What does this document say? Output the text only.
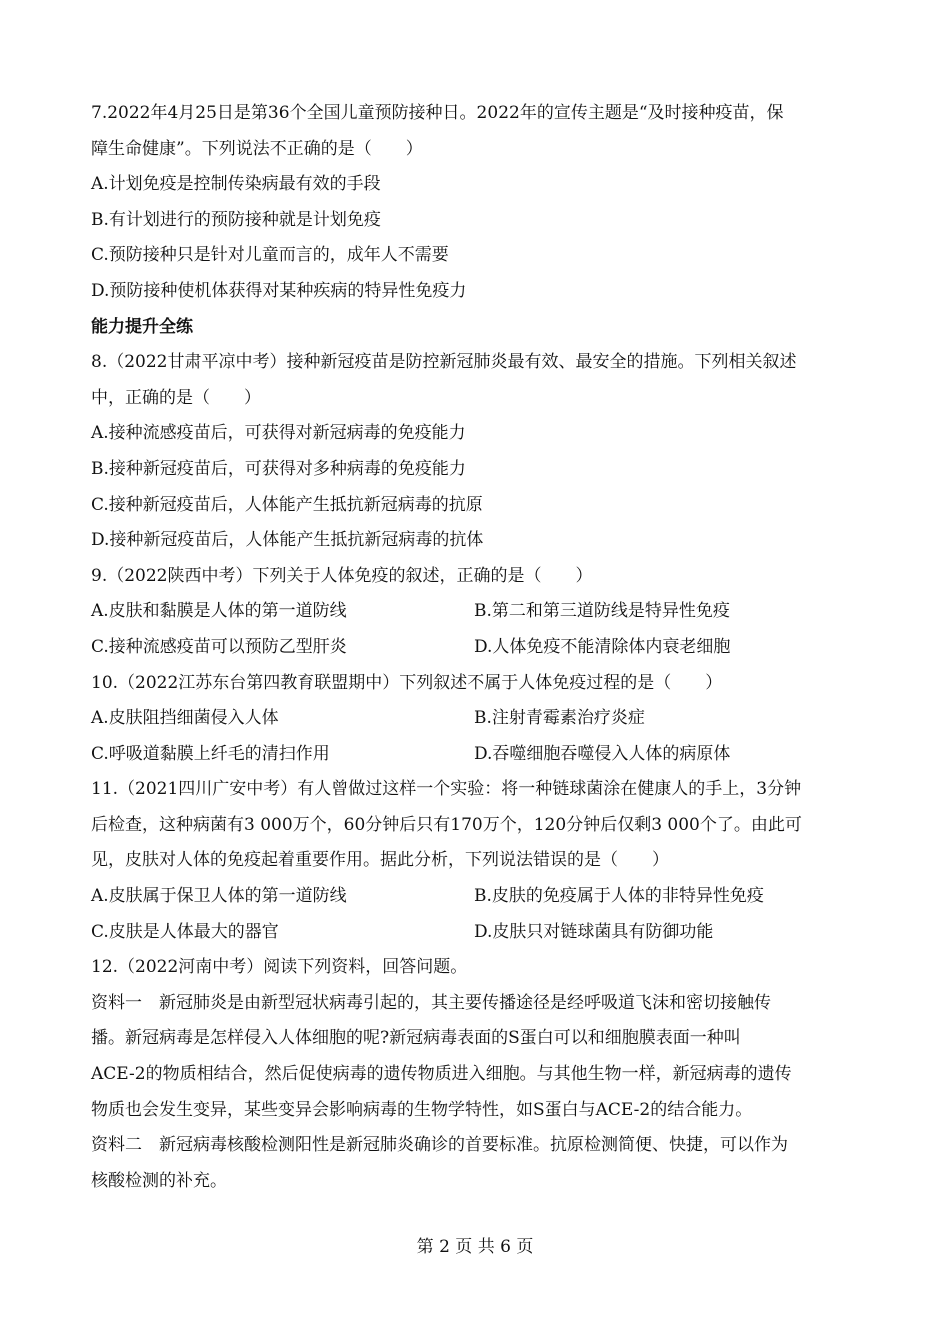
7.2022年4月25日是第36个全国儿童预防接种日。2022年的宣传主题是“及时接种疫苗，保
障生命健康”。下列说法不正确的是（　　）
A.计划免疫是控制传染病最有效的手段
B.有计划进行的预防接种就是计划免疫
C.预防接种只是针对儿童而言的，成年人不需要
D.预防接种使机体获得对某种疾病的特异性免疫力
能力提升全练
8.（2022甘肃平凉中考）接种新冠疫苗是防控新冠肺炎最有效、最安全的措施。下列相关叙述
中，正确的是（　　）
A.接种流感疫苗后，可获得对新冠病毒的免疫能力
B.接种新冠疫苗后，可获得对多种病毒的免疫能力
C.接种新冠疫苗后，人体能产生抵抗新冠病毒的抗原
D.接种新冠疫苗后，人体能产生抵抗新冠病毒的抗体
9.（2022陕西中考）下列关于人体免疫的叙述，正确的是（　　）
A.皮肤和黏膜是人体的第一道防线	B.第二和第三道防线是特异性免疫
C.接种流感疫苗可以预防乙型肝炎	D.人体免疫不能清除体内衰老细胞
10.（2022江苏东台第四教育联盟期中）下列叙述不属于人体免疫过程的是（　　）
A.皮肤阻挡细菌侵入人体	B.注射青霉素治疗炎症
C.呼吸道黏膜上纤毛的清扫作用	D.吞噬细胞吞噬侵入人体的病原体
11.（2021四川广安中考）有人曾做过这样一个实验：将一种链球菌涂在健康人的手上，3分钟
后检查，这种病菌有3 000万个，60分钟后只有170万个，120分钟后仅剩3 000个了。由此可
见，皮肤对人体的免疫起着重要作用。据此分析，下列说法错误的是（　　）
A.皮肤属于保卫人体的第一道防线	B.皮肤的免疫属于人体的非特异性免疫
C.皮肤是人体最大的器官	D.皮肤只对链球菌具有防御功能
12.（2022河南中考）阅读下列资料，回答问题。
资料一　新冠肺炎是由新型冠状病毒引起的，其主要传播途径是经呼吸道飞沫和密切接触传
播。新冠病毒是怎样侵入人体细胞的呢?新冠病毒表面的S蛋白可以和细胞膜表面一种叫
ACE-2的物质相结合，然后促使病毒的遗传物质进入细胞。与其他生物一样，新冠病毒的遗传
物质也会发生变异，某些变异会影响病毒的生物学特性，如S蛋白与ACE-2的结合能力。
资料二　新冠病毒核酸检测阳性是新冠肺炎确诊的首要标准。抗原检测简便、快捷，可以作为
核酸检测的补充。
第 2 页 共 6 页
